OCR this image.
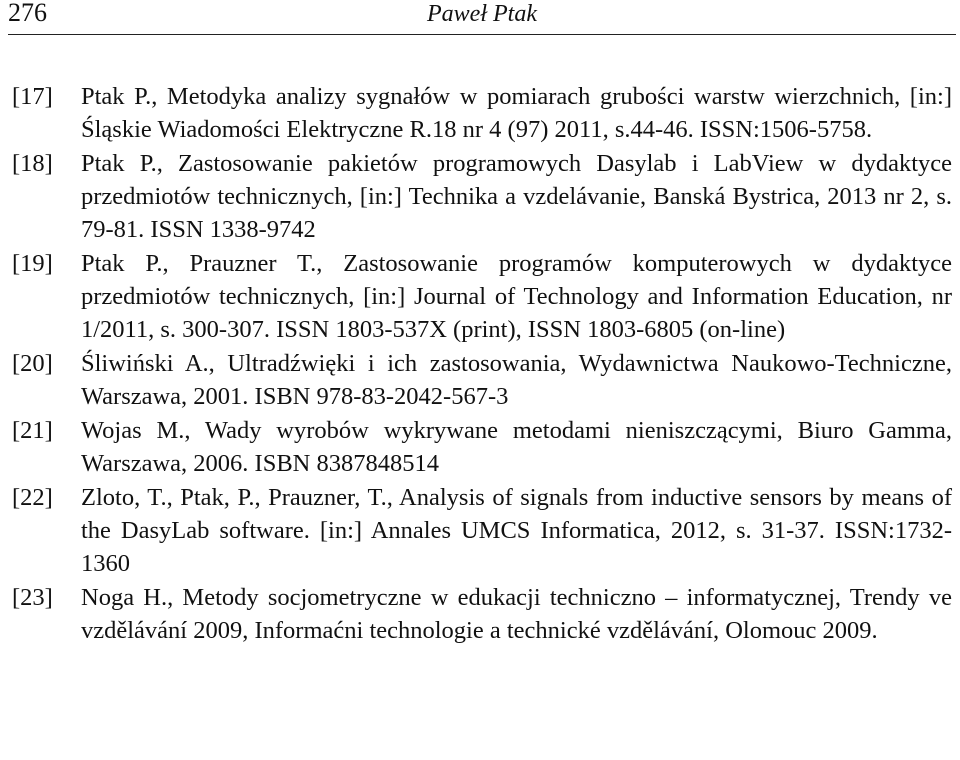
276	Paweł Ptak
[17] Ptak P., Metodyka analizy sygnałów w pomiarach grubości warstw wierzchnich, [in:] Śląskie Wiadomości Elektryczne R.18 nr 4 (97) 2011, s.44-46. ISSN:1506-5758.
[18] Ptak P., Zastosowanie pakietów programowych Dasylab i LabView w dydaktyce przedmiotów technicznych, [in:] Technika a vzdelávanie, Banská Bystrica, 2013 nr 2, s. 79-81. ISSN 1338-9742
[19] Ptak P., Prauzner T., Zastosowanie programów komputerowych w dydaktyce przedmiotów technicznych, [in:] Journal of Technology and Information Education, nr 1/2011, s. 300-307. ISSN 1803-537X (print), ISSN 1803-6805 (on-line)
[20] Śliwiński A., Ultradźwięki i ich zastosowania, Wydawnictwa Naukowo-Techniczne, Warszawa, 2001. ISBN 978-83-2042-567-3
[21] Wojas M., Wady wyrobów wykrywane metodami nieniszczącymi, Biuro Gamma, Warszawa, 2006. ISBN 8387848514
[22] Zloto, T., Ptak, P., Prauzner, T., Analysis of signals from inductive sensors by means of the DasyLab software. [in:] Annales UMCS Informatica, 2012, s. 31-37. ISSN:1732-1360
[23] Noga H., Metody socjometryczne w edukacji techniczno – informatycznej, Trendy ve vzdělávání 2009, Informaćni technologie a technické vzdělávání, Olomouc 2009.
